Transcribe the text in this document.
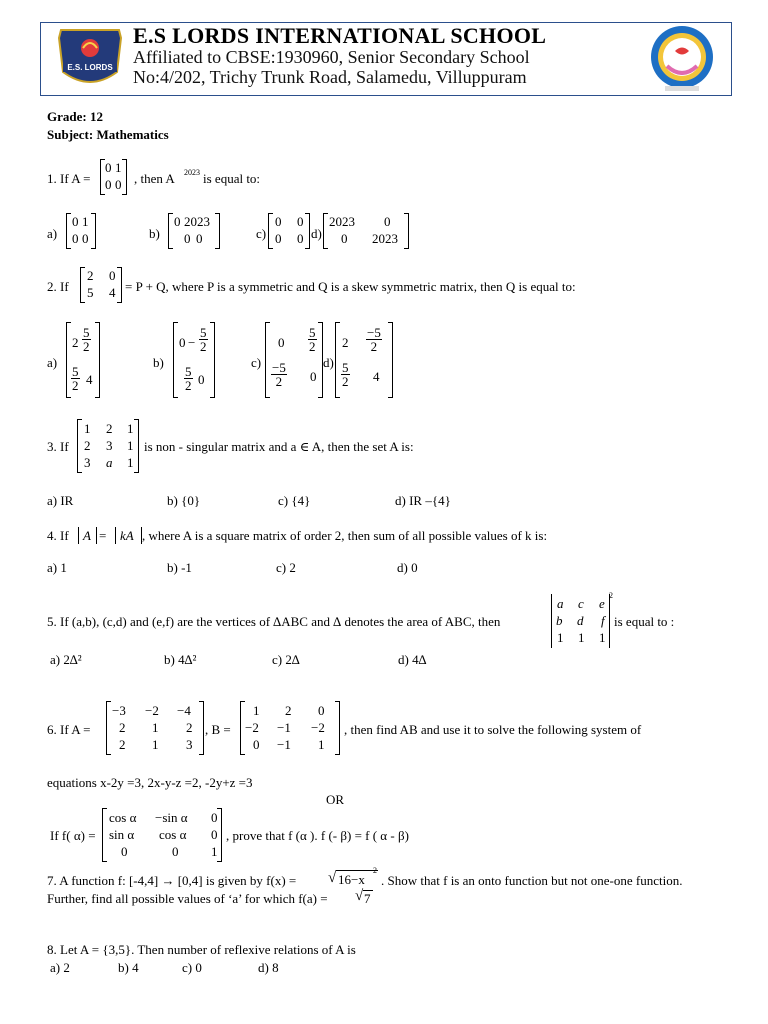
E.S. LORDS
E.S LORDS INTERNATIONAL SCHOOL
Affiliated to CBSE:1930960, Senior Secondary School
No:4/202, Trichy Trunk Road, Salamedu, Villuppuram
Grade: 12
Subject: Mathematics
1. If A =
0 1
0 0 , then A 2023 is equal to:
a)
0 1
0 0	b)
0 2023
0 0	c)
0 0
0 0 d)
2023 0
0 2023
2. If
2 0
5 4 = P + Q, where P is a symmetric and Q is a skew symmetric matrix, then Q is equal to:
a)
$2 \frac{5}{2}$
$\frac{5}{2} 4$
b)
$0 - \frac{5}{2}$
$\frac{5}{2} 0$
c)
$0 \frac{5}{2}$
$\frac{-5}{2} 0$
d)
$2 \frac{-5}{2}$
$\frac{5}{2} 4$
3. If
1 2 1
2 3 1
3 a 1
is non - singular matrix and a ∈ A, then the set A is:
a) IR	b) {0}	c) {4}	d) IR –{4}
4. If A = kA , where A is a square matrix of order 2, then sum of all possible values of k is:
a) 1	b) -1	c) 2	d) 0
5. If (a,b), (c,d) and (e,f) are the vertices of ∆ABC and ∆ denotes the area of ABC, then
a c e
b d f
1 1 1
2
is equal to :
a) 2∆²	b) 4∆²	c) 2∆	d) 4∆
6. If A =
−3 −2 −4
2 1 2
2 1 3
, B =
1 2 0
−2 −1 −2
0 −1 1
, then find AB and use it to solve the following system of
equations x-2y =3, 2x-y-z =2, -2y+z =3
OR
If f( α) =
cos α −sin α 0
sin α cos α 0
0	0	1
, prove that f (α ). f (- β) = f ( α - β)
7. A function f: [-4,4] → [0,4] is given by f(x) = √ 16−x
2
. Show that f is an onto function but not one-one function.
Further, find all possible values of ‘a’ for which f(a) = √ 7
8. Let A = {3,5}. Then number of reflexive relations of A is
a) 2	b) 4	c) 0	d) 8
